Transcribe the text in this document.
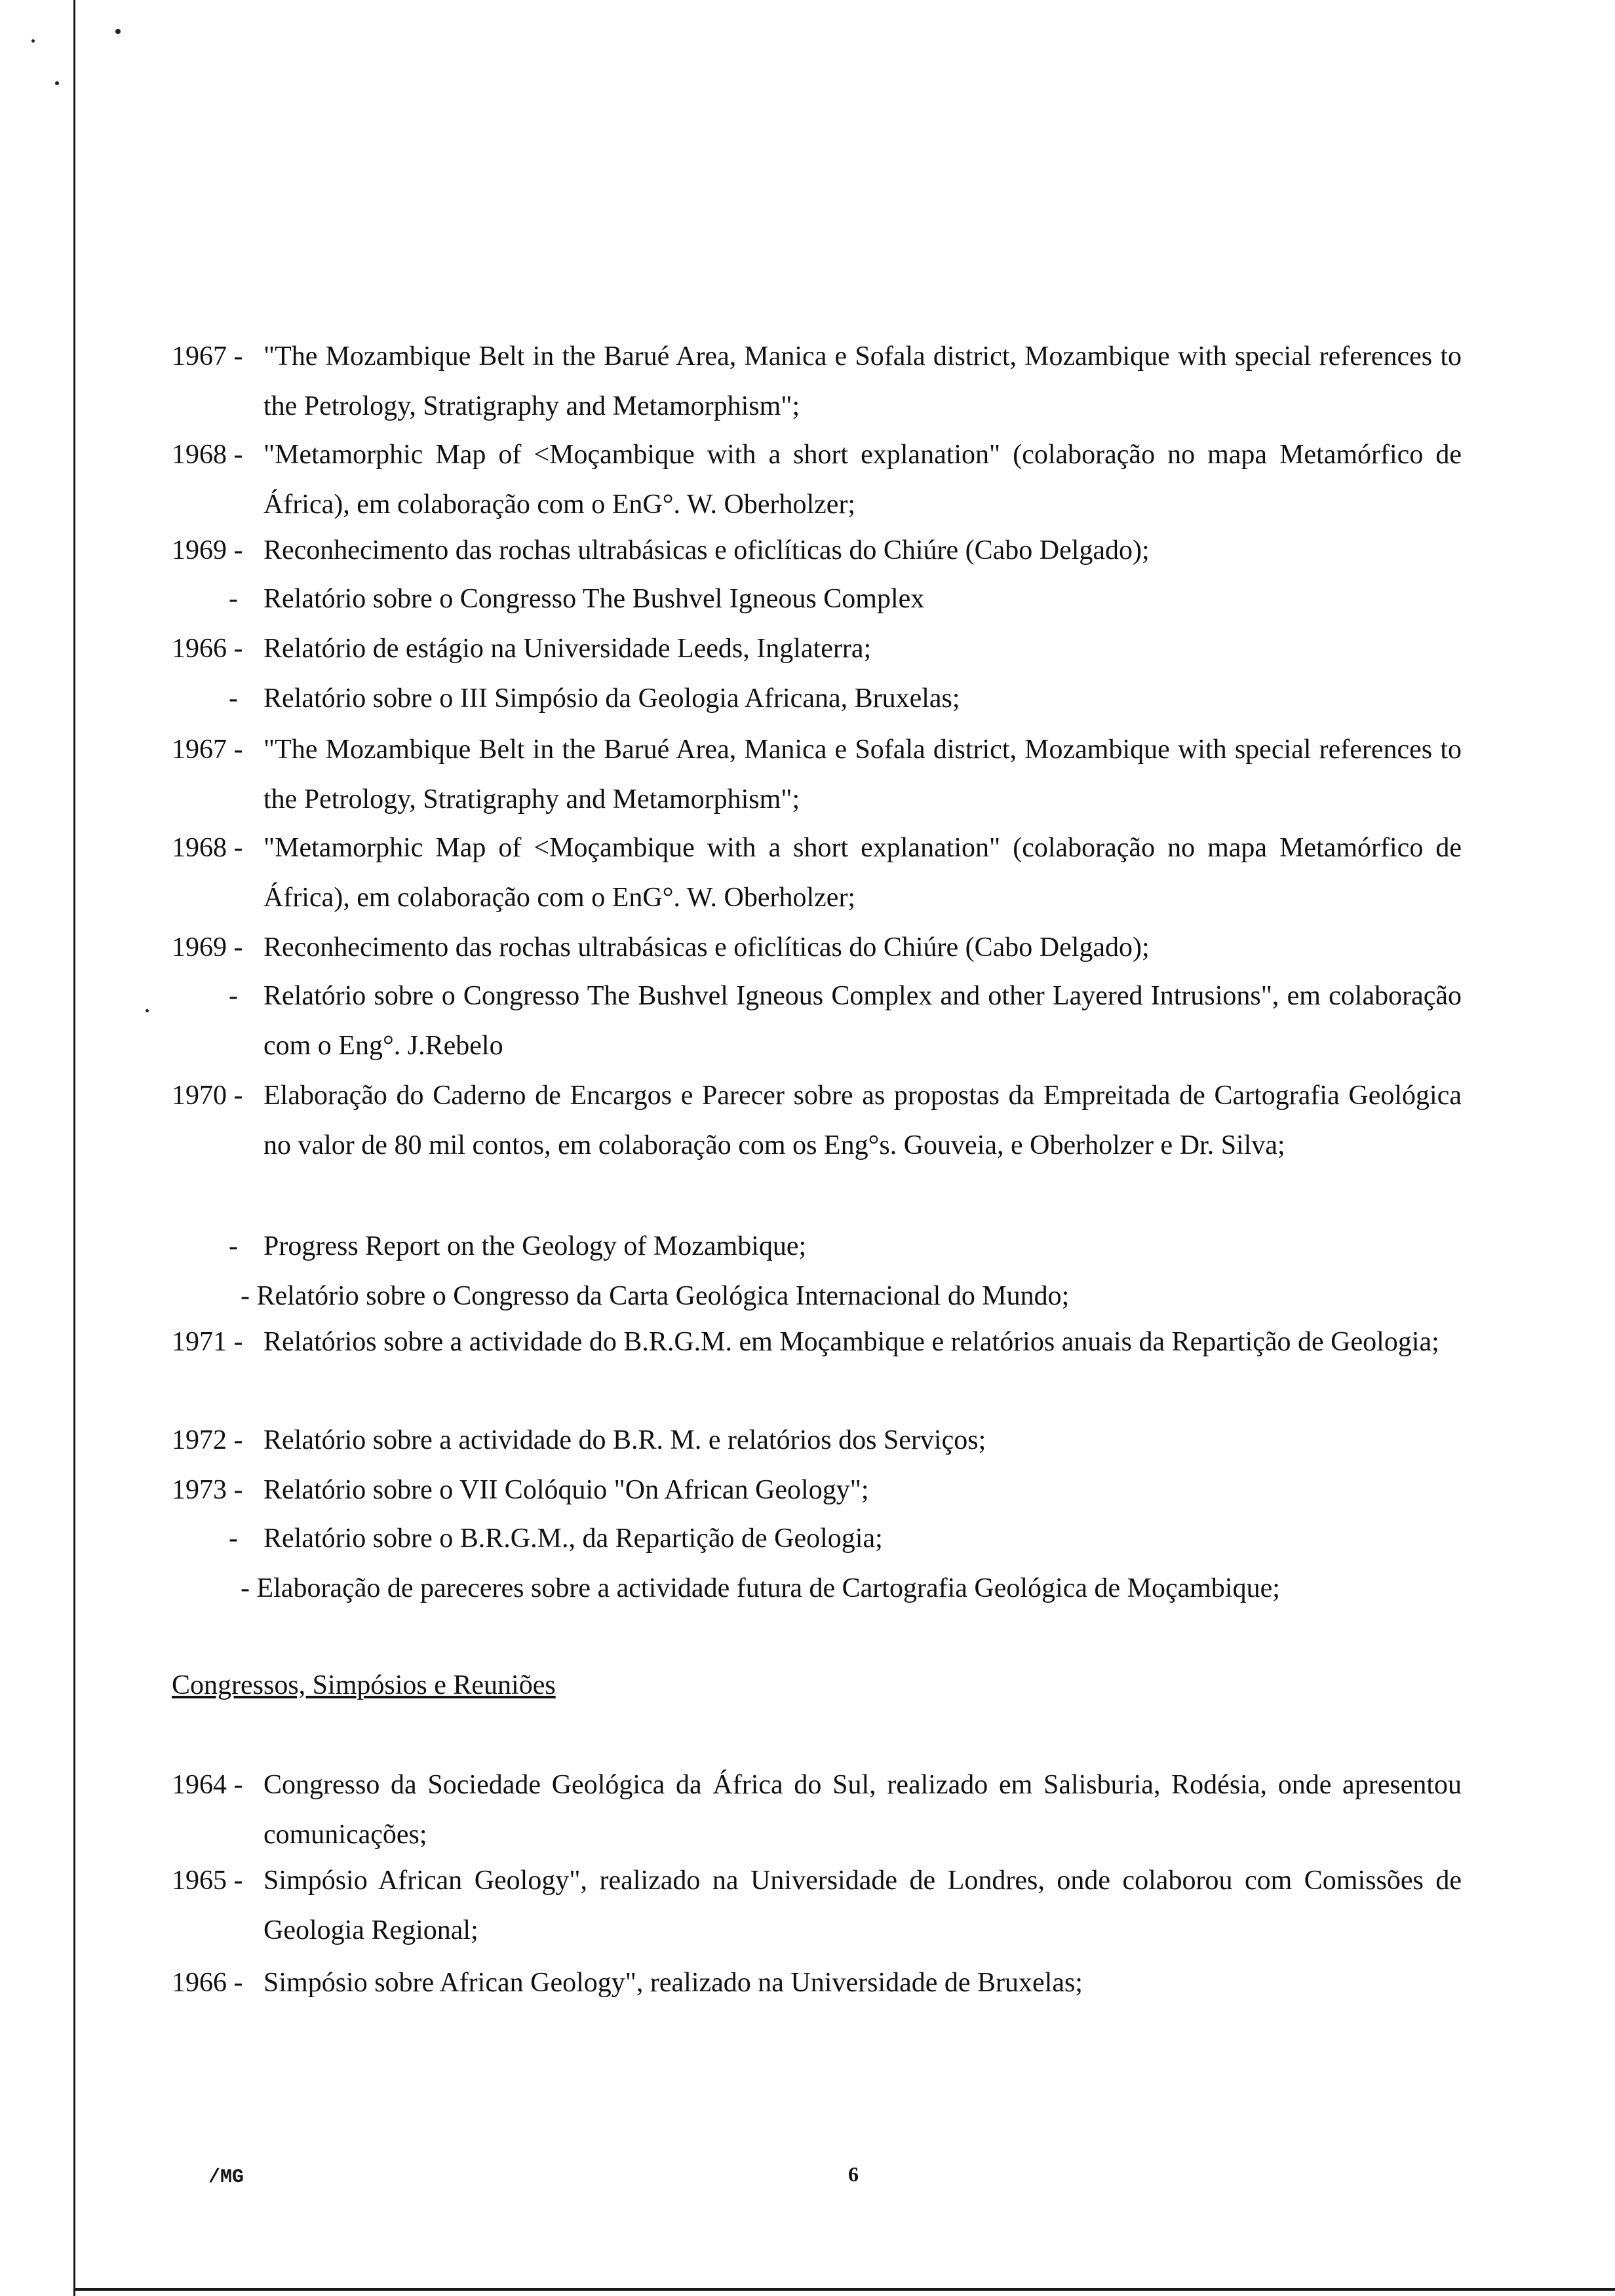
1967 - "The Mozambique Belt in the Barué Area, Manica e Sofala district, Mozambique with special references to the Petrology, Stratigraphy and Metamorphism";
1968 - "Metamorphic Map of <Moçambique with a short explanation" (colaboração no mapa Metamórfico de África), em colaboração com o EnG°. W. Oberholzer;
1969 - Reconhecimento das rochas ultrabásicas e oficlíticas do Chiúre (Cabo Delgado);
- Relatório sobre o Congresso The Bushvel Igneous Complex
1966 - Relatório de estágio na Universidade Leeds, Inglaterra;
- Relatório sobre o III Simpósio da Geologia Africana, Bruxelas;
1967 - "The Mozambique Belt in the Barué Area, Manica e Sofala district, Mozambique with special references to the Petrology, Stratigraphy and Metamorphism";
1968 - "Metamorphic Map of <Moçambique with a short explanation" (colaboração no mapa Metamórfico de África), em colaboração com o EnG°. W. Oberholzer;
1969 - Reconhecimento das rochas ultrabásicas e oficlíticas do Chiúre (Cabo Delgado);
- Relatório sobre o Congresso The Bushvel Igneous Complex and other Layered Intrusions", em colaboração com o Eng°. J.Rebelo
1970 - Elaboração do Caderno de Encargos e Parecer sobre as propostas da Empreitada de Cartografia Geológica no valor de 80 mil contos, em colaboração com os Eng°s. Gouveia, e Oberholzer e Dr. Silva;
- Progress Report on the Geology of Mozambique;
- Relatório sobre o Congresso da Carta Geológica Internacional do Mundo;
1971 - Relatórios sobre a actividade do B.R.G.M. em Moçambique e relatórios anuais da Repartição de Geologia;
1972 - Relatório sobre a actividade do B.R. M. e relatórios dos Serviços;
1973 - Relatório sobre o VII Colóquio "On African Geology";
- Relatório sobre o B.R.G.M., da Repartição de Geologia;
- Elaboração de pareceres sobre a actividade futura de Cartografia Geológica de Moçambique;
Congressos, Simpósios e Reuniões
1964 - Congresso da Sociedade Geológica da África do Sul, realizado em Salisburia, Rodésia, onde apresentou comunicações;
1965 - Simpósio African Geology", realizado na Universidade de Londres, onde colaborou com Comissões de Geologia Regional;
1966 - Simpósio sobre African Geology", realizado na Universidade de Bruxelas;
/MG	6
